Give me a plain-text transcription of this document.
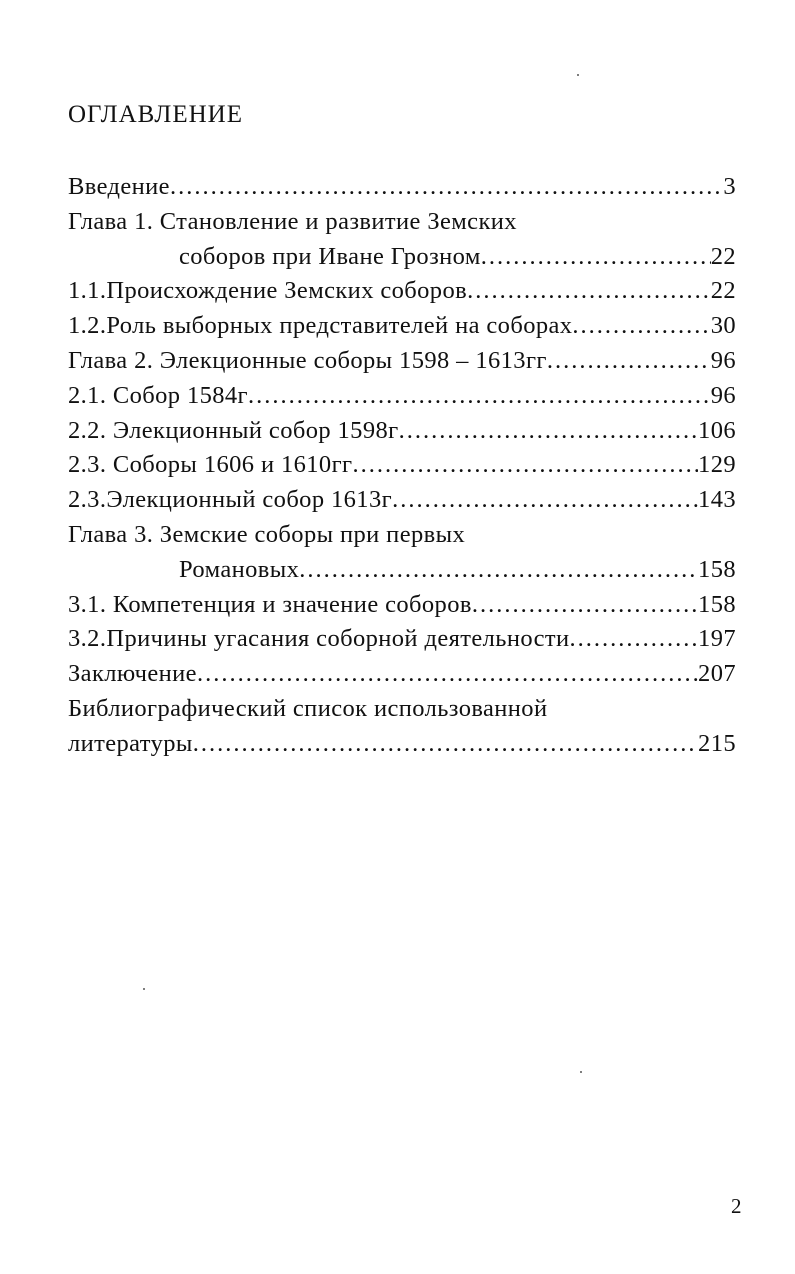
ОГЛАВЛЕНИЕ
Введение .....	3
Глава 1. Становление и развитие Земских
соборов при Иване Грозном .....	22
1.1.Происхождение Земских соборов .....	22
1.2.Роль выборных представителей на соборах .....	30
Глава 2. Элекционные соборы 1598 – 1613гг .....	96
2.1. Собор 1584г .....	96
2.2. Элекционный собор 1598г .....	106
2.3. Соборы 1606 и 1610гг .....	129
2.3.Элекционный собор 1613г .....	143
Глава 3. Земские соборы при первых
Романовых .....	158
3.1. Компетенция и значение соборов .....	158
3.2.Причины угасания соборной деятельности .....	197
Заключение .....	207
Библиографический список использованной
литературы .....	215
2
